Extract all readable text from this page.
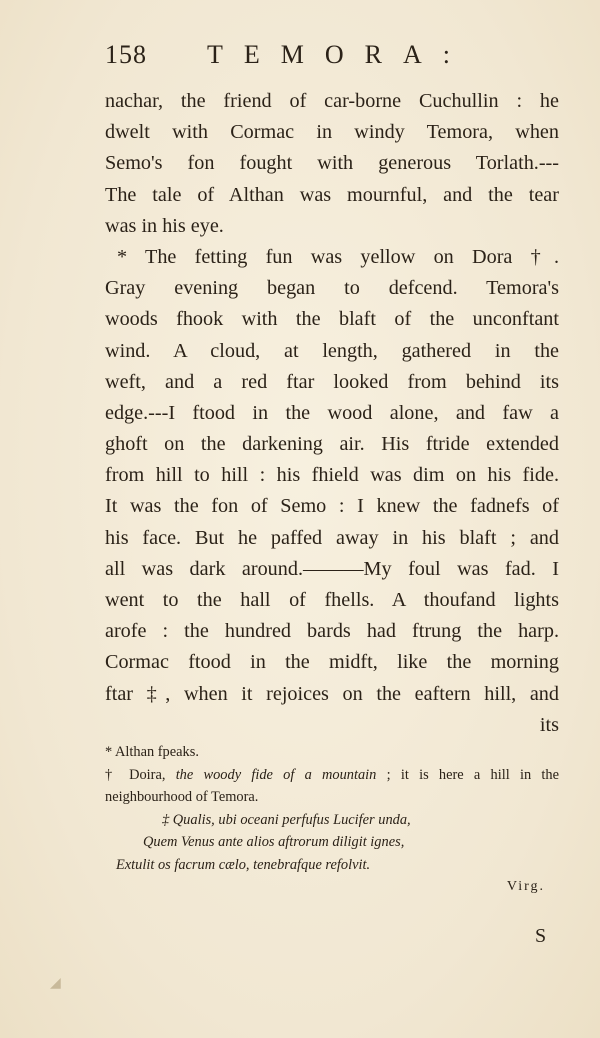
158 TEMORA:
nachar, the friend of car-borne Cuchullin : he
dwelt with Cormac in windy Temora, when
Semo's fon fought with generous Torlath.---
The tale of Althan was mournful, and the tear
was in his eye.
* The fetting fun was yellow on Dora †.
Gray evening began to defcend. Temora's
woods fhook with the blaft of the unconftant
wind. A cloud, at length, gathered in the
weft, and a red ftar looked from behind its
edge.---I ftood in the wood alone, and faw a
ghoft on the darkening air. His ftride extended
from hill to hill : his fhield was dim on his fide.
It was the fon of Semo : I knew the fadnefs of
his face. But he paffed away in his blaft ; and
all was dark around.———My foul was fad. I
went to the hall of fhells. A thoufand lights
arofe : the hundred bards had ftrung the harp.
Cormac ftood in the midft, like the morning
ftar ‡, when it rejoices on the eaftern hill, and
its
* Althan fpeaks.
† Doira, the woody fide of a mountain ; it is here a hill in the
neighbourhood of Temora.
‡ Qualis, ubi oceani perfufus Lucifer unda,
Quem Venus ante alios aftrorum diligit ignes,
Extulit os facrum cælo, tenebrafque refolvit.
Virg.
S
◢
